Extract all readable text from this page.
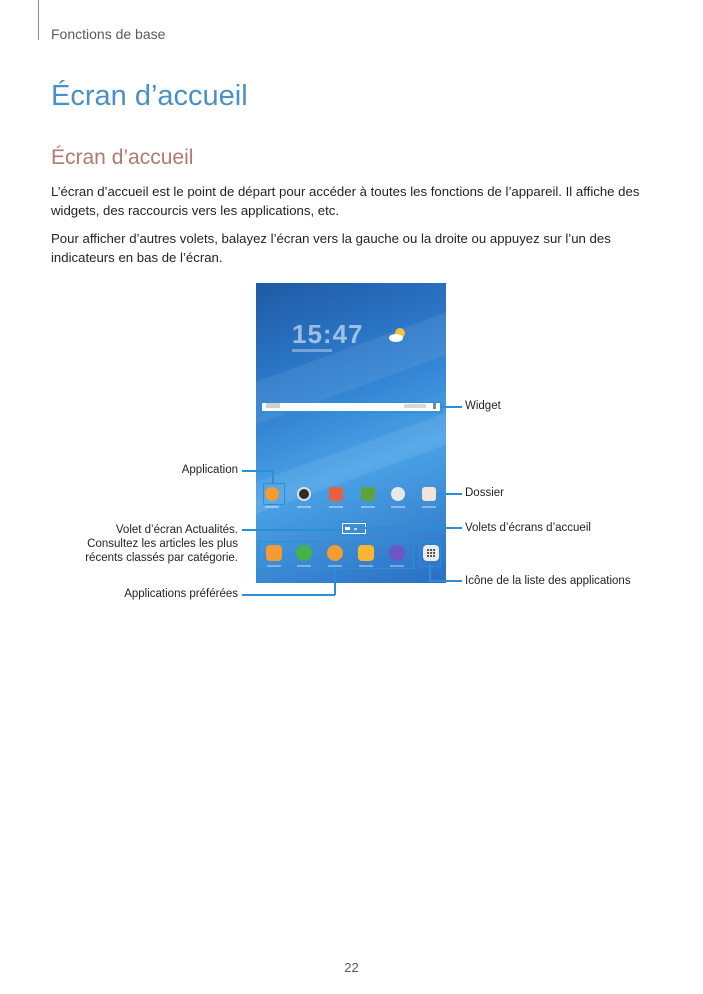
Fonctions de base
Écran d’accueil
Écran d’accueil
L’écran d’accueil est le point de départ pour accéder à toutes les fonctions de l’appareil. Il affiche des widgets, des raccourcis vers les applications, etc.
Pour afficher d’autres volets, balayez l’écran vers la gauche ou la droite ou appuyez sur l’un des indicateurs en bas de l’écran.
15:47
Widget
Application
Dossier
Volet d’écran Actualités. Consultez les articles les plus récents classés par catégorie.
Volets d’écrans d’accueil
Applications préférées
Icône de la liste des applications
22
